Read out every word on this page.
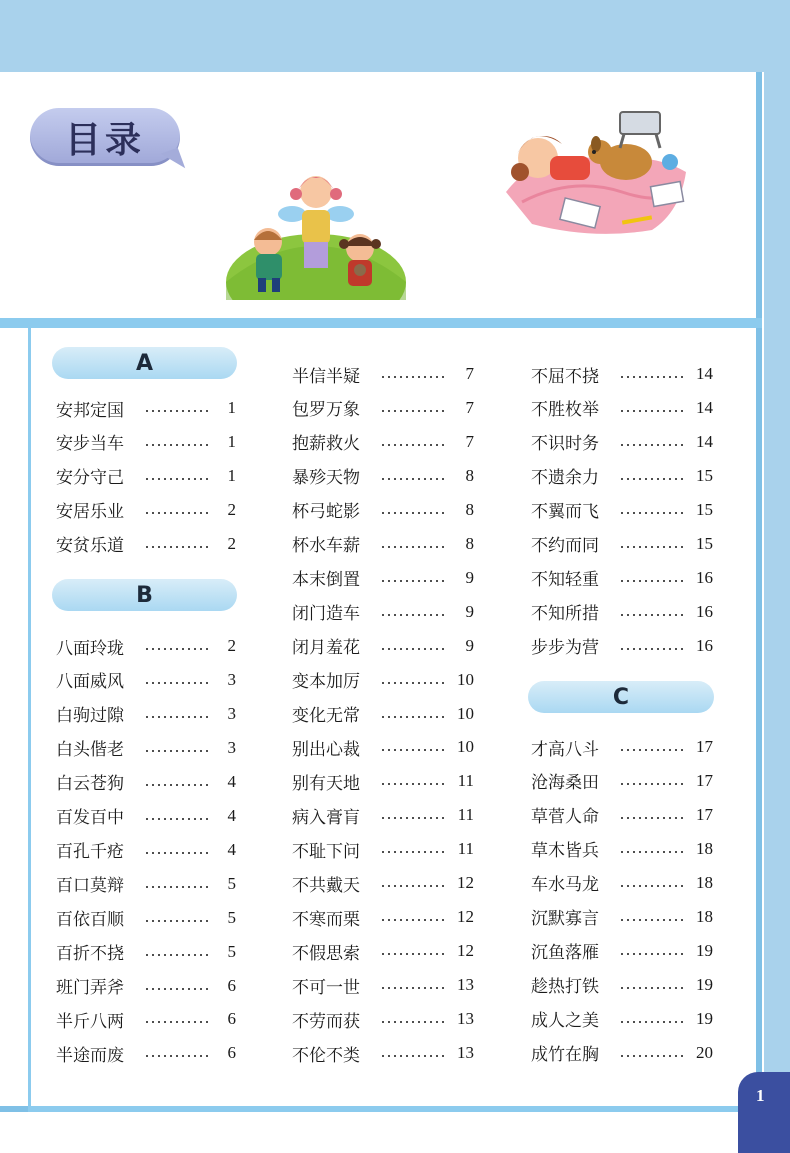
目录
A
B
C
安邦定国	1
安步当车	1
安分守己	1
安居乐业	2
安贫乐道	2
八面玲珑	2
八面威风	3
白驹过隙	3
白头偕老	3
白云苍狗	4
百发百中	4
百孔千疮	4
百口莫辩	5
百依百顺	5
百折不挠	5
班门弄斧	6
半斤八两	6
半途而废	6
半信半疑	7
包罗万象	7
抱薪救火	7
暴殄天物	8
杯弓蛇影	8
杯水车薪	8
本末倒置	9
闭门造车	9
闭月羞花	9
变本加厉	10
变化无常	10
别出心裁	10
别有天地	11
病入膏肓	11
不耻下问	11
不共戴天	12
不寒而栗	12
不假思索	12
不可一世	13
不劳而获	13
不伦不类	13
不屈不挠	14
不胜枚举	14
不识时务	14
不遗余力	15
不翼而飞	15
不约而同	15
不知轻重	16
不知所措	16
步步为营	16
才高八斗	17
沧海桑田	17
草菅人命	17
草木皆兵	18
车水马龙	18
沉默寡言	18
沉鱼落雁	19
趁热打铁	19
成人之美	19
成竹在胸	20
1
